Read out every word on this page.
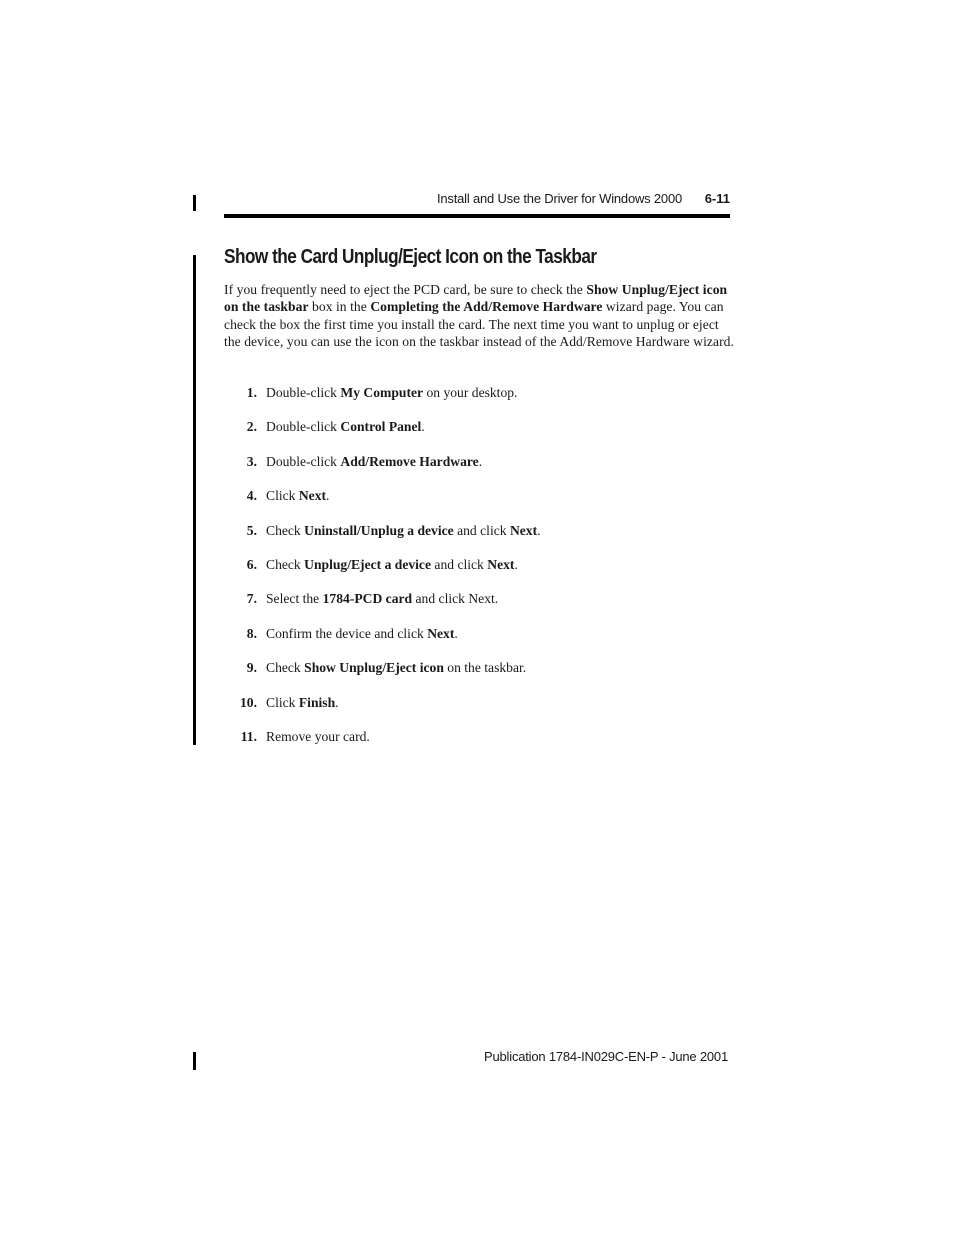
Install and Use the Driver for Windows 2000	6-11
Show the Card Unplug/Eject Icon on the Taskbar

If you frequently need to eject the PCD card, be sure to check the Show Unplug/Eject icon on the taskbar box in the Completing the Add/Remove Hardware wizard page. You can check the box the first time you install the card. The next time you want to unplug or eject the device, you can use the icon on the taskbar instead of the Add/Remove Hardware wizard.

1. Double-click My Computer on your desktop.
2. Double-click Control Panel.
3. Double-click Add/Remove Hardware.
4. Click Next.
5. Check Uninstall/Unplug a device and click Next.
6. Check Unplug/Eject a device and click Next.
7. Select the 1784-PCD card and click Next.
8. Confirm the device and click Next.
9. Check Show Unplug/Eject icon on the taskbar.
10. Click Finish.
11. Remove your card.
Publication 1784-IN029C-EN-P - June 2001
